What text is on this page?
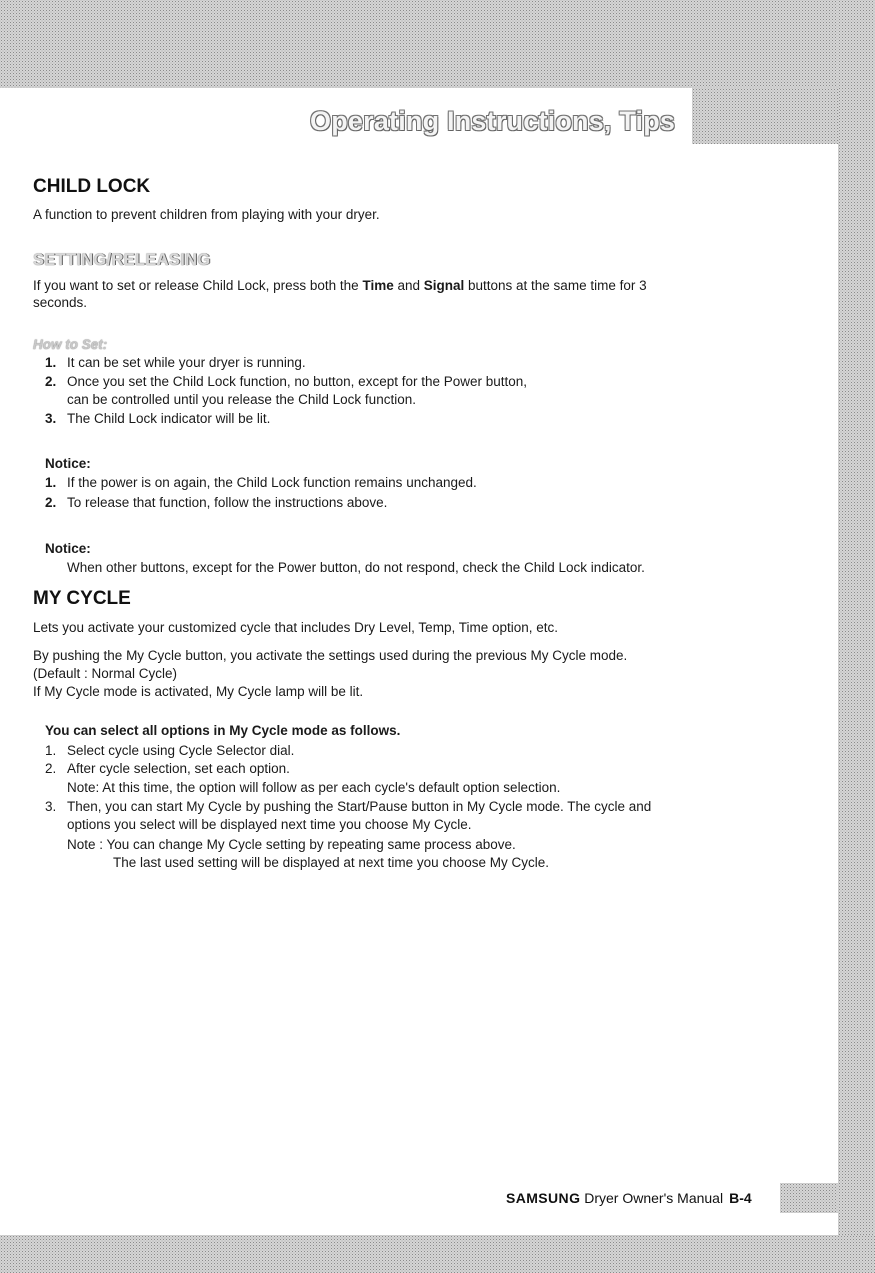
Operating Instructions, Tips
CHILD LOCK
A function to prevent children from playing with your dryer.
SETTING/RELEASING
If you want to set or release Child Lock, press both the Time and Signal buttons at the same time for 3
seconds.
How to Set:
1. It can be set while your dryer is running.
2. Once you set the Child Lock function, no button, except for the Power button,
can be controlled until you release the Child Lock function.
3. The Child Lock indicator will be lit.
Notice:
1. If the power is on again, the Child Lock function remains unchanged.
2. To release that function, follow the instructions above.
Notice:
When other buttons, except for the Power button, do not respond, check the Child Lock indicator.
MY CYCLE
Lets you activate your customized cycle that includes Dry Level, Temp, Time option, etc.
By pushing the My Cycle button, you activate the settings used during the previous My Cycle mode.
(Default : Normal Cycle)
If My Cycle mode is activated, My Cycle lamp will be lit.
You can select all options in My Cycle mode as follows.
1. Select cycle using Cycle Selector dial.
2. After cycle selection, set each option.
Note: At this time, the option will follow as per each cycle's default option selection.
3. Then, you can start My Cycle by pushing the Start/Pause button in My Cycle mode. The cycle and
options you select will be displayed next time you choose My Cycle.
Note : You can change My Cycle setting by repeating same process above.
The last used setting will be displayed at next time you choose My Cycle.
SAMSUNG Dryer Owner's Manual B-4
